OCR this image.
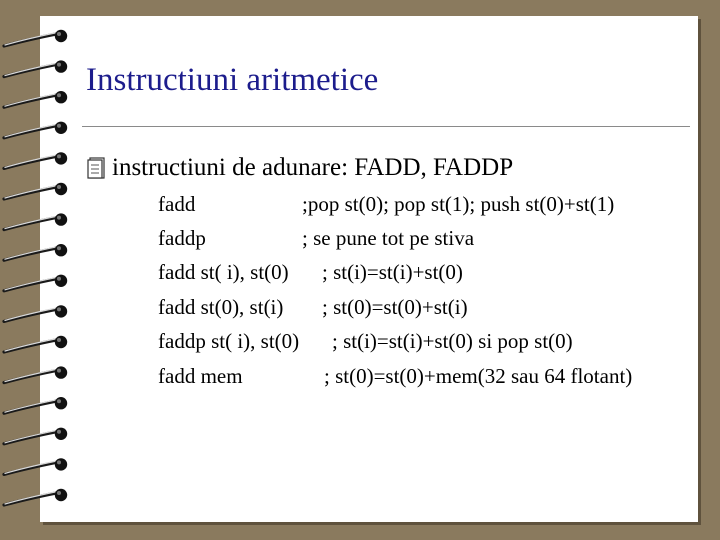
Instructiuni aritmetice
instructiuni de adunare: FADD, FADDP
fadd	;pop st(0); pop st(1); push st(0)+st(1)
faddp	; se pune tot pe stiva
fadd st( i), st(0) ; st(i)=st(i)+st(0)
fadd st(0), st(i) ; st(0)=st(0)+st(i)
faddp st( i), st(0) ; st(i)=st(i)+st(0) si pop st(0)
fadd mem	; st(0)=st(0)+mem(32 sau 64 flotant)
